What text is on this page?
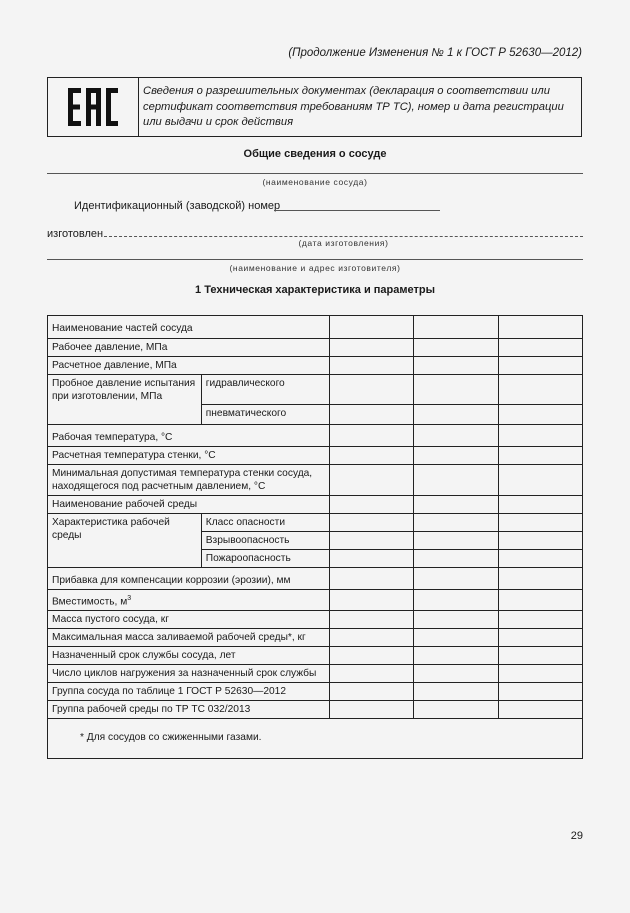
(Продолжение Изменения № 1 к ГОСТ Р 52630—2012)
Сведения о разрешительных документах (декларация о соответствии или сертификат соответствия требованиям ТР ТС), номер и дата регистрации или выдачи и срок действия
Общие сведения о сосуде
(наименование сосуда)
Идентификационный (заводской) номер
изготовлен
(дата изготовления)
(наименование и адрес изготовителя)
1 Техническая характеристика и параметры
Наименование частей сосуда				
Рабочее давление, МПа				
Расчетное давление, МПа				
Пробное давление испытания при изготовлении, МПа	гидравлического			
	пневматического			
Рабочая температура, °С				
Расчетная температура стенки, °С				
Минимальная допустимая температура стенки сосуда, находящегося под расчетным давлением, °С				
Наименование рабочей среды				
Характеристика рабочей среды	Класс опасности			
	Взрывоопасность			
	Пожароопасность			
Прибавка для компенсации коррозии (эрозии), мм				
Вместимость, $м^3$			
Масса пустого сосуда, кг				
Максимальная масса заливаемой рабочей среды*, кг				
Назначенный срок службы сосуда, лет				
Число циклов нагружения за назначенный срок службы				
Группа сосуда по таблице 1 ГОСТ Р 52630—2012				
Группа рабочей среды по ТР ТС 032/2013				
* Для сосудов со сжиженными газами.				
29
